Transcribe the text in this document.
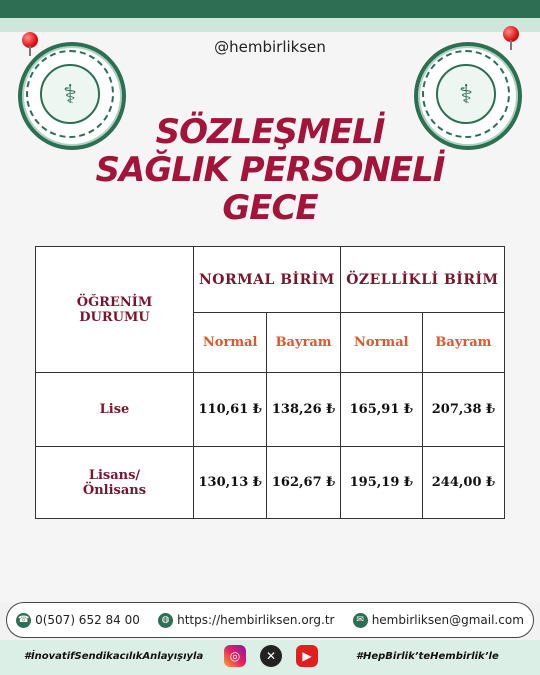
⚕	⚕
@hembirliksen
SÖZLEŞMELİ
SAĞLIK PERSONELİ
GECE
ÖĞRENİM
DURUMU	NORMAL BİRİM		ÖZELLİKLİ BİRİM	
	Normal	Bayram	Normal	Bayram
Lise	110,61 ₺	138,26 ₺	165,91 ₺	207,38 ₺
Lisans/
Önlisans	130,13 ₺	162,67 ₺	195,19 ₺	244,00 ₺
☎ 0(507) 652 84 00	◍ https://hembirliksen.org.tr	✉ hembirliksen@gmail.com
#İnovatifSendikacılıkAnlayışıyla	◎	✕	▶	#HepBirlik’teHembirlik’le
